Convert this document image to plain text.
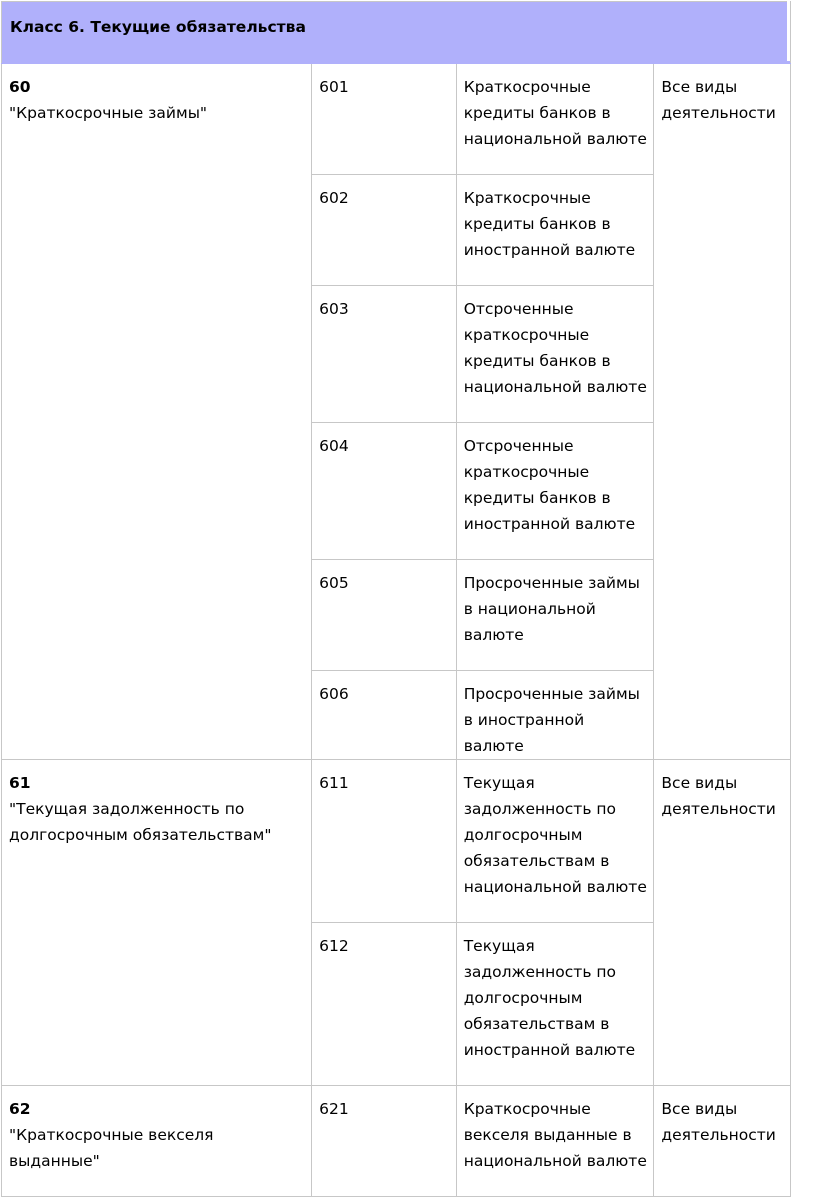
Класс 6. Текущие обязательства			

60
"Краткосрочные займы"	601	Краткосрочные кредиты банков в национальной валюте	Все виды деятельности

	602	Краткосрочные кредиты банков в иностранной валюте	

	603	Отсроченные краткосрочные кредиты банков в национальной валюте	

	604	Отсроченные краткосрочные кредиты банков в иностранной валюте	

	605	Просроченные займы в национальной валюте	

	606	Просроченные займы в иностранной валюте	

61
"Текущая задолженность по долгосрочным обязательствам"	611	Текущая задолженность по долгосрочным обязательствам в национальной валюте	Все виды деятельности

	612	Текущая задолженность по долгосрочным обязательствам в иностранной валюте	

62
"Краткосрочные векселя выданные"	621	Краткосрочные векселя выданные в национальной валюте	Все виды деятельности
